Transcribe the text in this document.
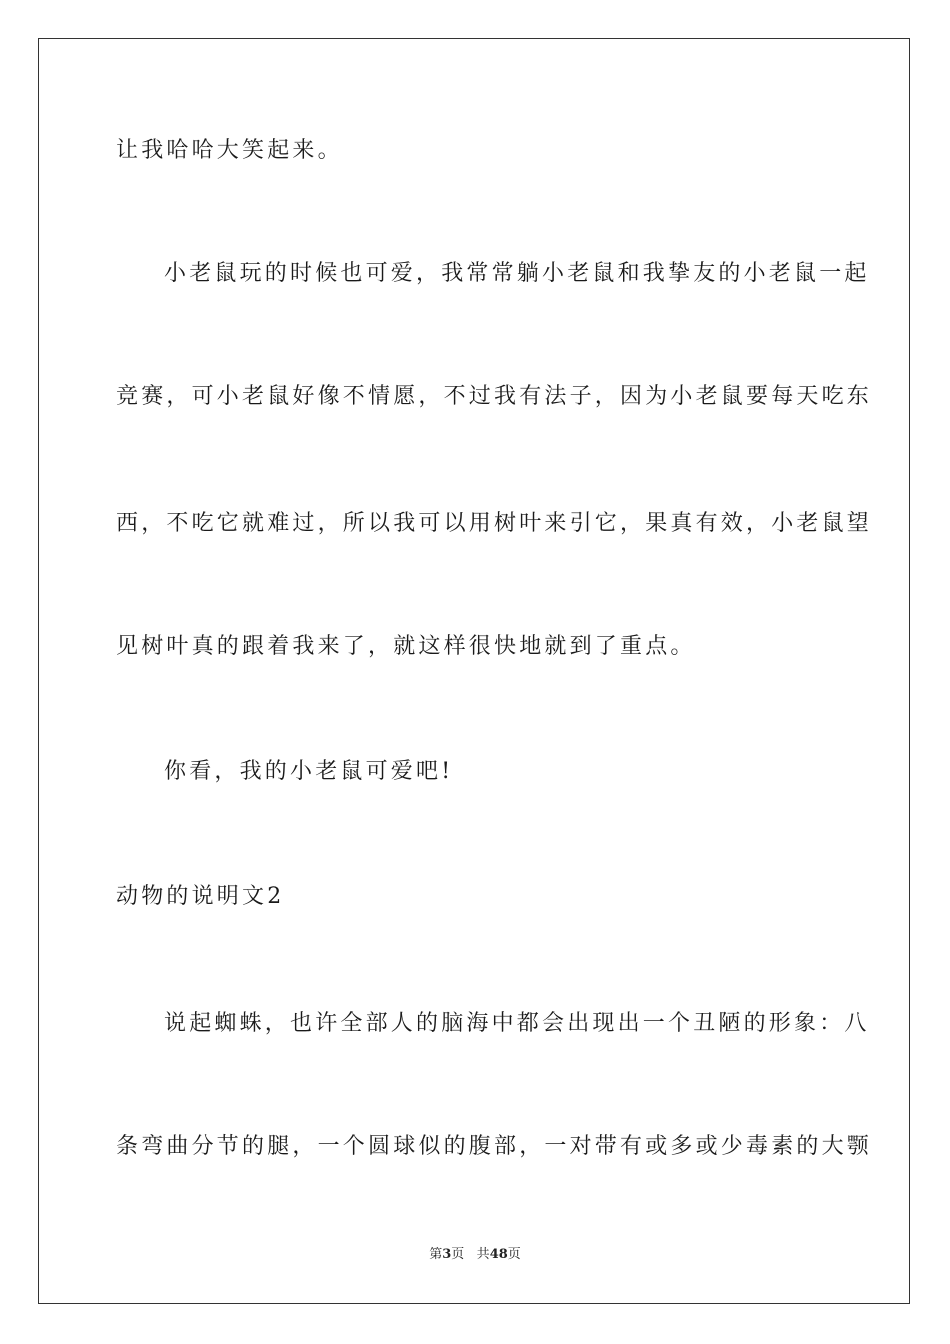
让我哈哈大笑起来。
小老鼠玩的时候也可爱，我常常躺小老鼠和我挚友的小老鼠一起
竞赛，可小老鼠好像不情愿，不过我有法子，因为小老鼠要每天吃东
西，不吃它就难过，所以我可以用树叶来引它，果真有效，小老鼠望
见树叶真的跟着我来了，就这样很快地就到了重点。
你看，我的小老鼠可爱吧!
动物的说明文2
说起蜘蛛，也许全部人的脑海中都会出现出一个丑陋的形象：八
条弯曲分节的腿，一个圆球似的腹部，一对带有或多或少毒素的大颚
第3页 共48页
